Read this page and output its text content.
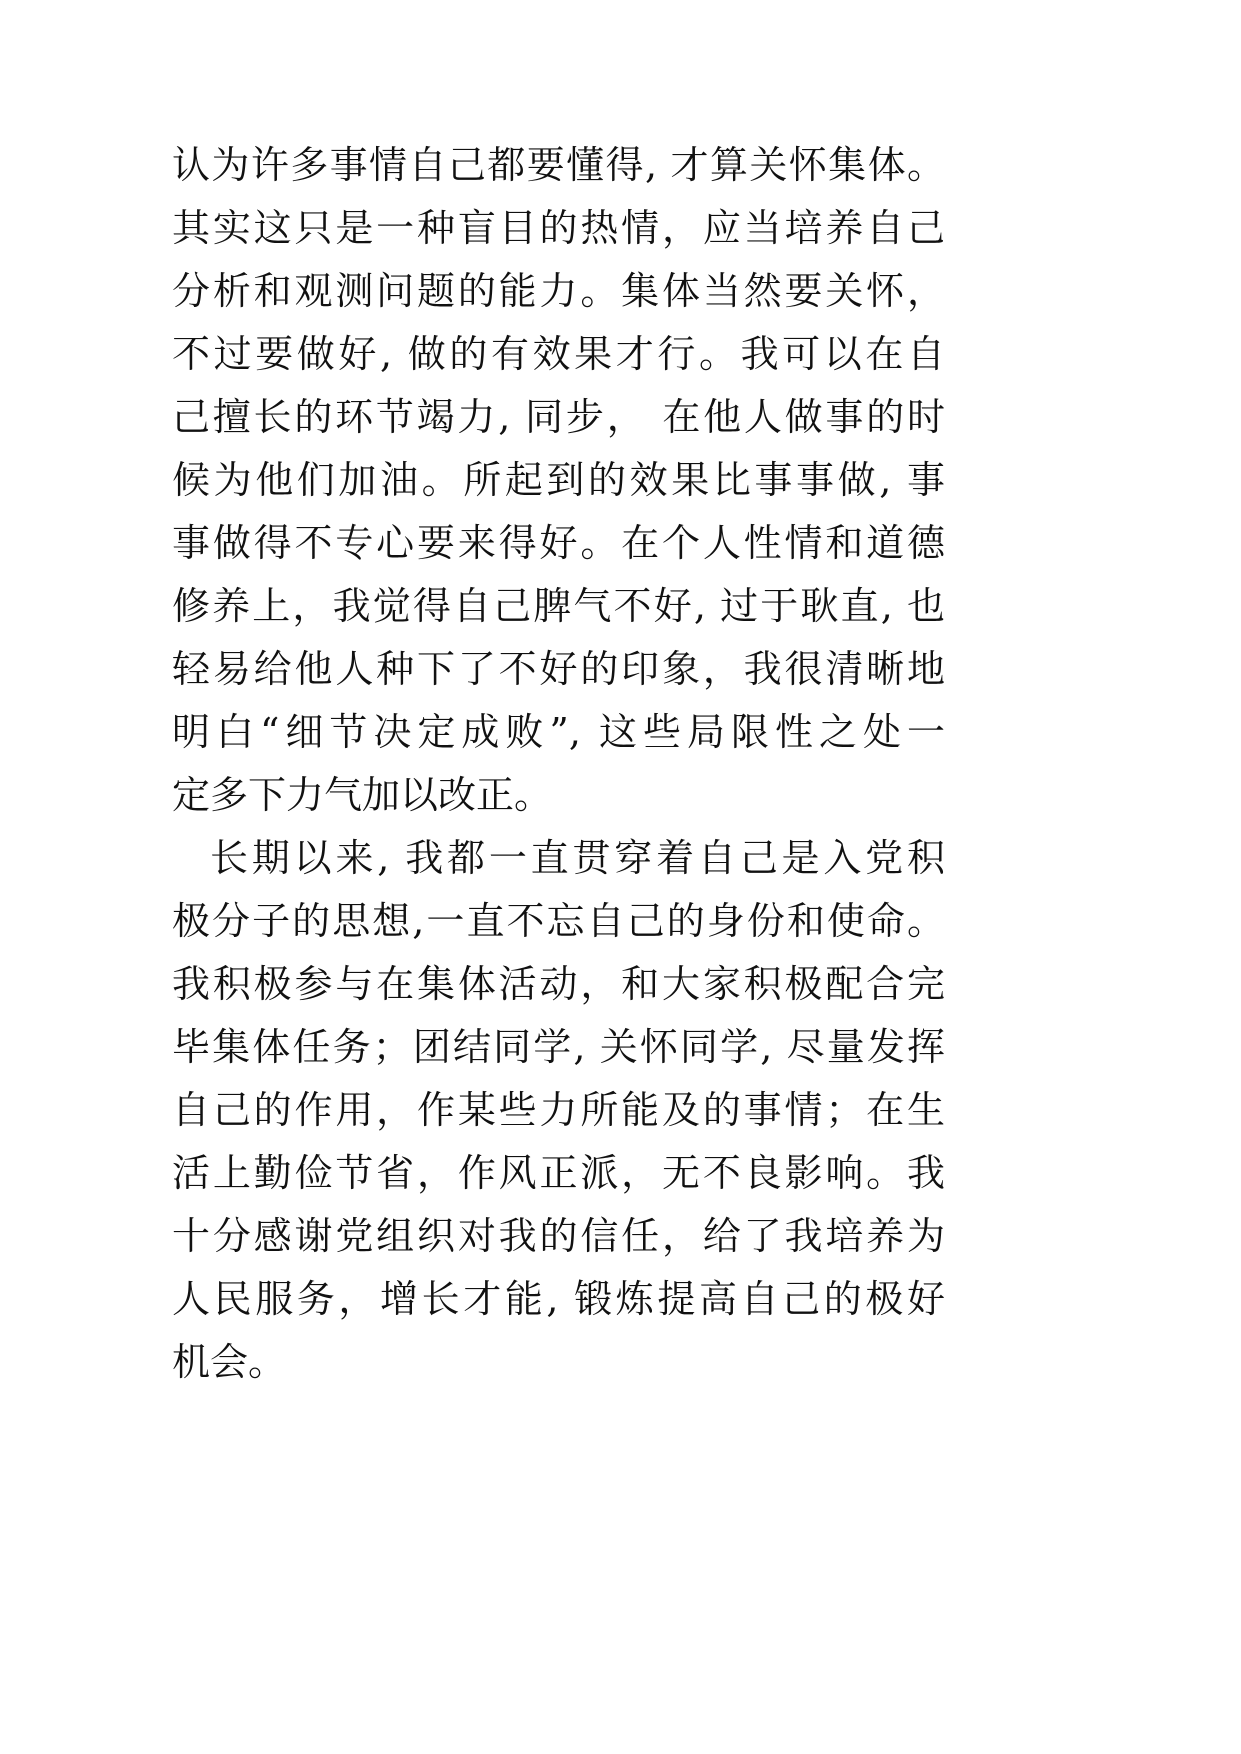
认为许多事情自己都要懂得, 才算关怀集体。
其实这只是一种盲目的热情，应当培养自己
分析和观测问题的能力。集体当然要关怀，
不过要做好, 做的有效果才行。我可以在自
己擅长的环节竭力, 同步， 在他人做事的时
候为他们加油。所起到的效果比事事做, 事
事做得不专心要来得好。在个人性情和道德
修养上，我觉得自己脾气不好, 过于耿直, 也
轻易给他人种下了不好的印象，我很清晰地
明白“细节决定成败”, 这些局限性之处一
定多下力气加以改正。

长期以来, 我都一直贯穿着自己是入党积
极分子的思想,一直不忘自己的身份和使命。
我积极参与在集体活动，和大家积极配合完
毕集体任务；团结同学, 关怀同学, 尽量发挥
自己的作用，作某些力所能及的事情；在生
活上勤俭节省，作风正派，无不良影响。我
十分感谢党组织对我的信任，给了我培养为
人民服务，增长才能, 锻炼提高自己的极好
机会。
